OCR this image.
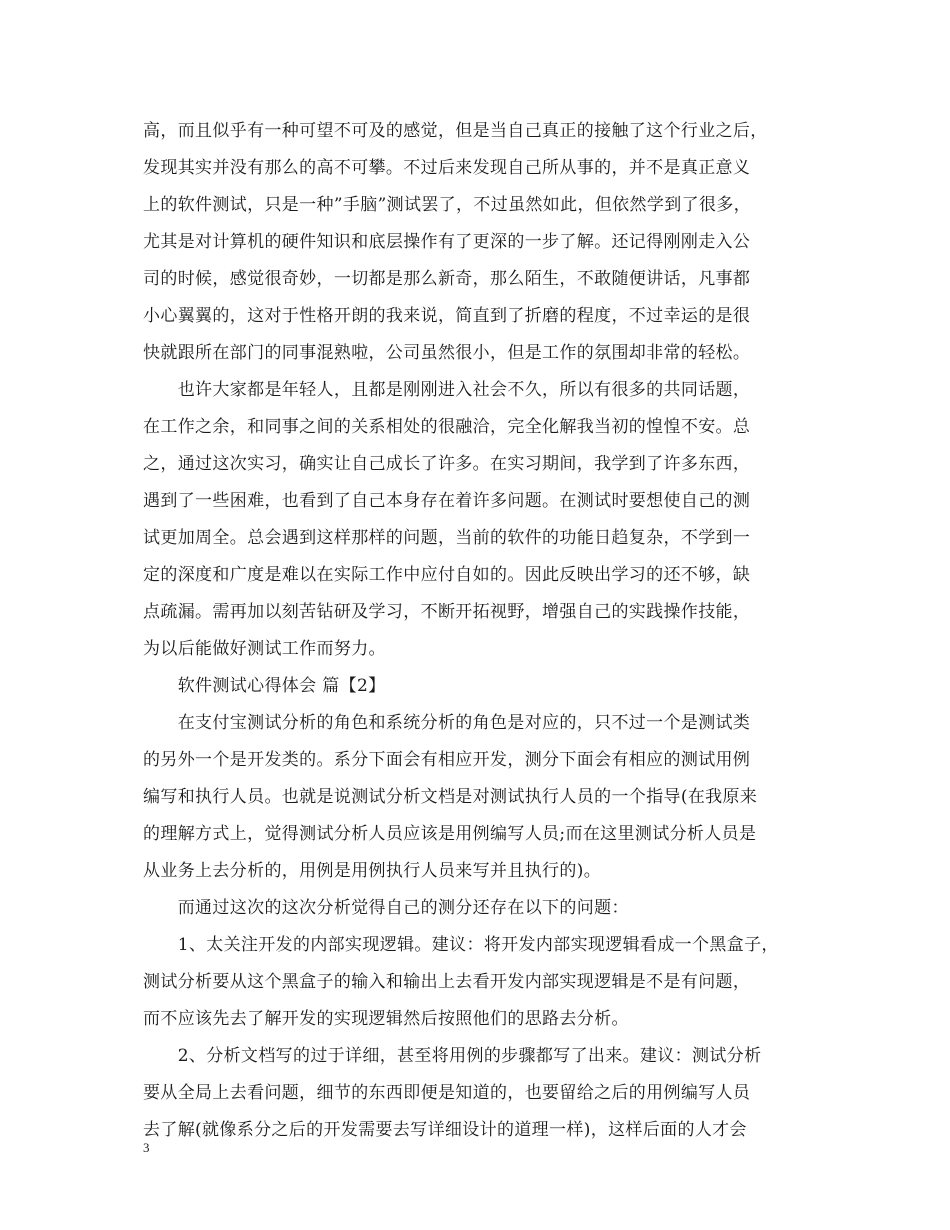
高，而且似乎有一种可望不可及的感觉，但是当自己真正的接触了这个行业之后，
发现其实并没有那么的高不可攀。不过后来发现自己所从事的，并不是真正意义
上的软件测试，只是一种”手脑”测试罢了，不过虽然如此，但依然学到了很多，
尤其是对计算机的硬件知识和底层操作有了更深的一步了解。还记得刚刚走入公
司的时候，感觉很奇妙，一切都是那么新奇，那么陌生，不敢随便讲话，凡事都
小心翼翼的，这对于性格开朗的我来说，简直到了折磨的程度，不过幸运的是很
快就跟所在部门的同事混熟啦，公司虽然很小，但是工作的氛围却非常的轻松。
　　也许大家都是年轻人，且都是刚刚进入社会不久，所以有很多的共同话题，
在工作之余，和同事之间的关系相处的很融洽，完全化解我当初的惶惶不安。总
之，通过这次实习，确实让自己成长了许多。在实习期间，我学到了许多东西，
遇到了一些困难，也看到了自己本身存在着许多问题。在测试时要想使自己的测
试更加周全。总会遇到这样那样的问题，当前的软件的功能日趋复杂，不学到一
定的深度和广度是难以在实际工作中应付自如的。因此反映出学习的还不够，缺
点疏漏。需再加以刻苦钻研及学习，不断开拓视野，增强自己的实践操作技能，
为以后能做好测试工作而努力。
　　软件测试心得体会 篇【2】
　　在支付宝测试分析的角色和系统分析的角色是对应的，只不过一个是测试类
的另外一个是开发类的。系分下面会有相应开发，测分下面会有相应的测试用例
编写和执行人员。也就是说测试分析文档是对测试执行人员的一个指导(在我原来
的理解方式上，觉得测试分析人员应该是用例编写人员;而在这里测试分析人员是
从业务上去分析的，用例是用例执行人员来写并且执行的)。
　　而通过这次的这次分析觉得自己的测分还存在以下的问题：
　　1、太关注开发的内部实现逻辑。建议：将开发内部实现逻辑看成一个黑盒子，
测试分析要从这个黑盒子的输入和输出上去看开发内部实现逻辑是不是有问题，
而不应该先去了解开发的实现逻辑然后按照他们的思路去分析。
　　2、分析文档写的过于详细，甚至将用例的步骤都写了出来。建议：测试分析
要从全局上去看问题，细节的东西即便是知道的，也要留给之后的用例编写人员
去了解(就像系分之后的开发需要去写详细设计的道理一样)，这样后面的人才会
3
